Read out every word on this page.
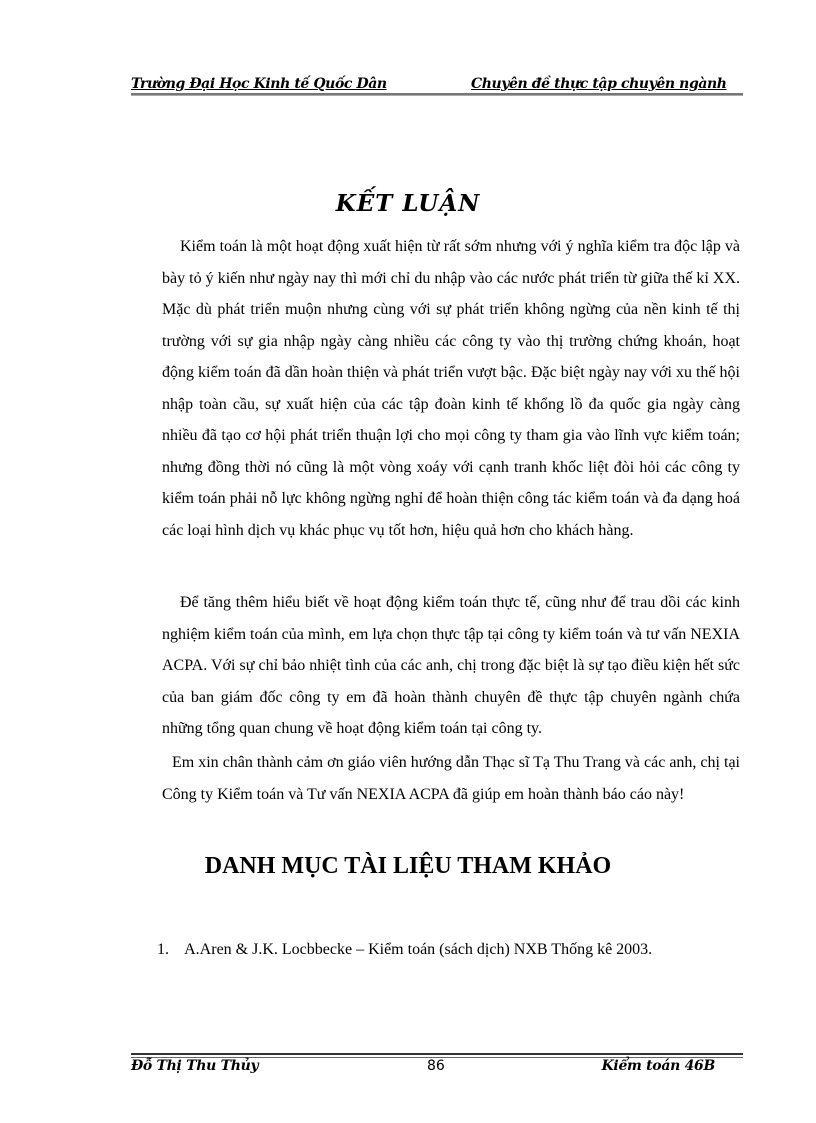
Trường Đại Học Kinh tế Quốc Dân	Chuyên đề thực tập chuyên ngành
KẾT LUẬN

Kiểm toán là một hoạt động xuất hiện từ rất sớm nhưng với ý nghĩa kiểm tra độc lập và bày tỏ ý kiến như ngày nay thì mới chỉ du nhập vào các nước phát triển từ giữa thế kỉ XX. Mặc dù phát triển muộn nhưng cùng với sự phát triển không ngừng của nền kinh tế thị trường với sự gia nhập ngày càng nhiều các công ty vào thị trường chứng khoán, hoạt động kiểm toán đã dần hoàn thiện và phát triển vượt bậc. Đặc biệt ngày nay với xu thế hội nhập toàn cầu, sự xuất hiện của các tập đoàn kinh tế khổng lồ đa quốc gia ngày càng nhiều đã tạo cơ hội phát triển thuận lợi cho mọi công ty tham gia vào lĩnh vực kiểm toán; nhưng đồng thời nó cũng là một vòng xoáy với cạnh tranh khốc liệt đòi hỏi các công ty kiểm toán phải nỗ lực không ngừng nghỉ để hoàn thiện công tác kiểm toán và đa dạng hoá các loại hình dịch vụ khác phục vụ tốt hơn, hiệu quả hơn cho khách hàng.

Để tăng thêm hiểu biết về hoạt động kiểm toán thực tế, cũng như để trau dồi các kinh nghiệm kiểm toán của mình, em lựa chọn thực tập tại công ty kiểm toán và tư vấn NEXIA ACPA. Với sự chỉ bảo nhiệt tình của các anh, chị trong đặc biệt là sự tạo điều kiện hết sức của ban giám đốc công ty em đã hoàn thành chuyên đề thực tập chuyên ngành chứa những tổng quan chung về hoạt động kiểm toán tại công ty.

Em xin chân thành cảm ơn giáo viên hướng dẫn Thạc sĩ Tạ Thu Trang và các anh, chị tại Công ty Kiểm toán và Tư vấn NEXIA ACPA đã giúp em hoàn thành báo cáo này!

DANH MỤC TÀI LIỆU THAM KHẢO
1. A.Aren & J.K. Locbbecke – Kiểm toán (sách dịch) NXB Thống kê 2003.
Đỗ Thị Thu Thủy	86	Kiểm toán 46B
